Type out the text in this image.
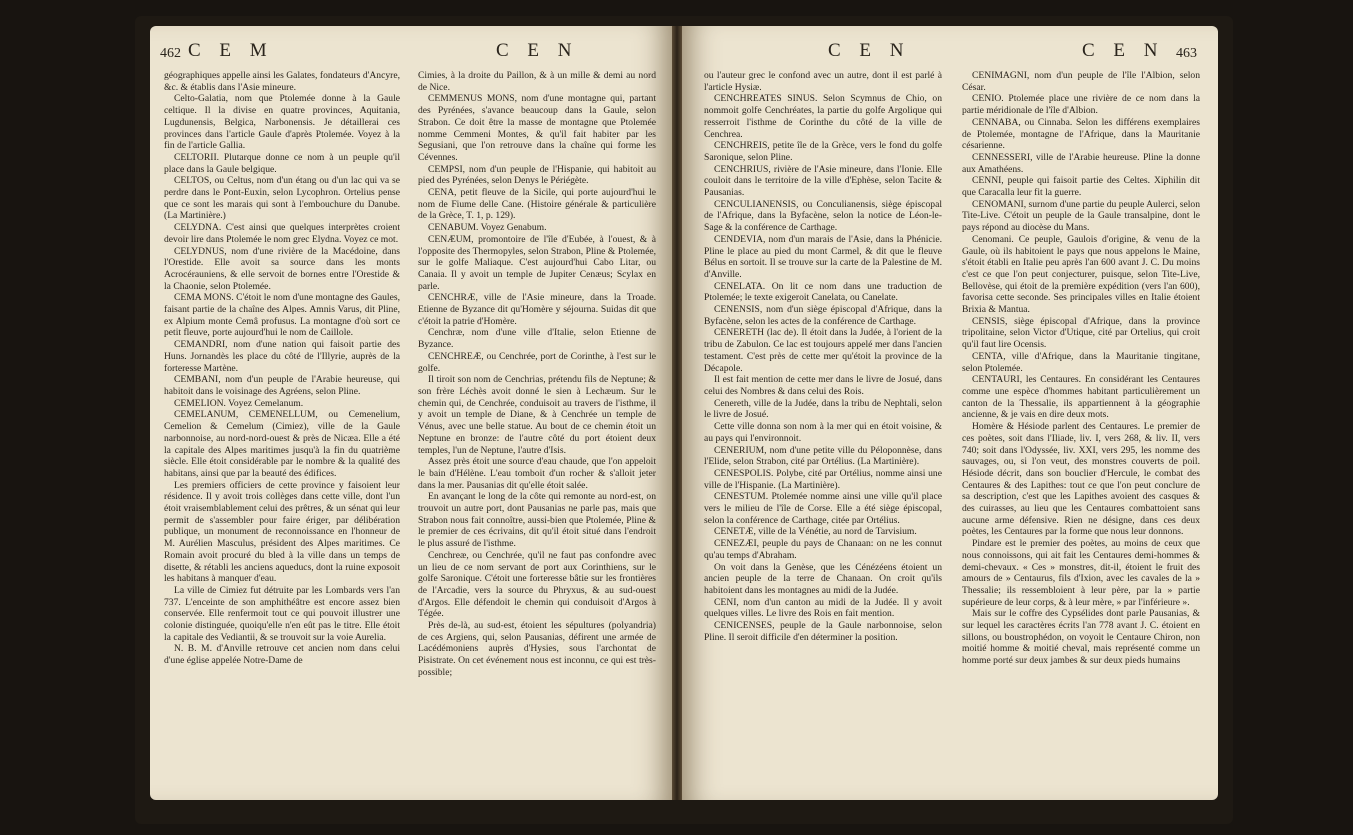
462 C E M	C E N

géographiques appelle ainsi les Galates, fondateurs d'Ancyre, &c. & établis dans l'Asie mineure.

Celto-Galatia, nom que Ptolemée donne à la Gaule celtique. Il la divise en quatre provinces, Aquitania, Lugdunensis, Belgica, Narbonensis. Je détaillerai ces provinces dans l'article Gaule d'après Ptolemée. Voyez à la fin de l'article Gallia.

CELTORII. Plutarque donne ce nom à un peuple qu'il place dans la Gaule belgique.

CELTOS, ou Celtus, nom d'un étang ou d'un lac qui va se perdre dans le Pont-Euxin, selon Lycophron. Ortelius pense que ce sont les marais qui sont à l'embouchure du Danube. (La Martinière.)

CELYDNA. C'est ainsi que quelques interprètes croient devoir lire dans Ptolemée le nom grec Elydna. Voyez ce mot.

CELYDNUS, nom d'une rivière de la Macédoine, dans l'Orestide. Elle avoit sa source dans les monts Acrocérauniens, & elle servoit de bornes entre l'Orestide & la Chaonie, selon Ptolemée.

CEMA MONS. C'étoit le nom d'une montagne des Gaules, faisant partie de la chaîne des Alpes. Amnis Varus, dit Pline, ex Alpium monte Cemâ profusus. La montagne d'où sort ce petit fleuve, porte aujourd'hui le nom de Caillole.

CEMANDRI, nom d'une nation qui faisoit partie des Huns. Jornandès les place du côté de l'Illyrie, auprès de la forteresse Martène.

CEMBANI, nom d'un peuple de l'Arabie heureuse, qui habitoit dans le voisinage des Agréens, selon Pline.

CEMELION. Voyez Cemelanum.

CEMELANUM, CEMENELLUM, ou Cemenelium, Cemelion & Cemelum (Cimiez), ville de la Gaule narbonnoise, au nord-nord-ouest & près de Nicæa. Elle a été la capitale des Alpes maritimes jusqu'à la fin du quatrième siècle. Elle étoit considérable par le nombre & la qualité des habitans, ainsi que par la beauté des édifices.

Les premiers officiers de cette province y faisoient leur résidence. Il y avoit trois collèges dans cette ville, dont l'un étoit vraisemblablement celui des prêtres, & un sénat qui leur permit de s'assembler pour faire ériger, par délibération publique, un monument de reconnoissance en l'honneur de M. Aurélien Masculus, président des Alpes maritimes. Ce Romain avoit procuré du bled à la ville dans un temps de disette, & rétabli les anciens aqueducs, dont la ruine exposoit les habitans à manquer d'eau.

La ville de Cimiez fut détruite par les Lombards vers l'an 737. L'enceinte de son amphithéâtre est encore assez bien conservée. Elle renfermoit tout ce qui pouvoit illustrer une colonie distinguée, quoiqu'elle n'en eût pas le titre. Elle étoit la capitale des Vediantii, & se trouvoit sur la voie Aurelia.

N. B. M. d'Anville retrouve cet ancien nom dans celui d'une église appelée Notre-Dame de

Cimies, à la droite du Paillon, & à un mille & demi au nord de Nice.

CEMMENUS MONS, nom d'une montagne qui, partant des Pyrénées, s'avance beaucoup dans la Gaule, selon Strabon. Ce doit être la masse de montagne que Ptolemée nomme Cemmeni Montes, & qu'il fait habiter par les Segusiani, que l'on retrouve dans la chaîne qui forme les Cévennes.

CEMPSI, nom d'un peuple de l'Hispanie, qui habitoit au pied des Pyrénées, selon Denys le Périégète.

CENA, petit fleuve de la Sicile, qui porte aujourd'hui le nom de Fiume delle Cane. (Histoire générale & particulière de la Grèce, T. 1, p. 129).

CENABUM. Voyez Genabum.

CENÆUM, promontoire de l'île d'Eubée, à l'ouest, & à l'opposite des Thermopyles, selon Strabon, Pline & Ptolemée, sur le golfe Maliaque. C'est aujourd'hui Cabo Litar, ou Canaia. Il y avoit un temple de Jupiter Cenæus; Scylax en parle.

CENCHRÆ, ville de l'Asie mineure, dans la Troade. Etienne de Byzance dit qu'Homère y séjourna. Suidas dit que c'étoit la patrie d'Homère.

Cenchræ, nom d'une ville d'Italie, selon Etienne de Byzance.

CENCHREÆ, ou Cenchrée, port de Corinthe, à l'est sur le golfe.

Il tiroit son nom de Cenchrias, prétendu fils de Neptune; & son frère Léchès avoit donné le sien à Lechæum. Sur le chemin qui, de Cenchrée, conduisoit au travers de l'isthme, il y avoit un temple de Diane, & à Cenchrée un temple de Vénus, avec une belle statue. Au bout de ce chemin étoit un Neptune en bronze: de l'autre côté du port étoient deux temples, l'un de Neptune, l'autre d'Isis.

Assez près étoit une source d'eau chaude, que l'on appeloit le bain d'Hélène. L'eau tomboit d'un rocher & s'alloit jeter dans la mer. Pausanias dit qu'elle étoit salée.

En avançant le long de la côte qui remonte au nord-est, on trouvoit un autre port, dont Pausanias ne parle pas, mais que Strabon nous fait connoître, aussi-bien que Ptolemée, Pline & le premier de ces écrivains, dit qu'il étoit situé dans l'endroit le plus assuré de l'isthme.

Cenchreæ, ou Cenchrée, qu'il ne faut pas confondre avec un lieu de ce nom servant de port aux Corinthiens, sur le golfe Saronique. C'étoit une forteresse bâtie sur les frontières de l'Arcadie, vers la source du Phryxus, & au sud-ouest d'Argos. Elle défendoit le chemin qui conduisoit d'Argos à Tégée.

Près de-là, au sud-est, étoient les sépultures (polyandria) de ces Argiens, qui, selon Pausanias, défirent une armée de Lacédémoniens auprès d'Hysies, sous l'archontat de Pisistrate. On cet événement nous est inconnu, ce qui est très-possible;

C E N	C E N 463

ou l'auteur grec le confond avec un autre, dont il est parlé à l'article Hysiæ.

CENCHREATES SINUS. Selon Scymnus de Chio, on nommoit golfe Cenchréates, la partie du golfe Argolique qui resserroit l'isthme de Corinthe du côté de la ville de Cenchrea.

CENCHREIS, petite île de la Grèce, vers le fond du golfe Saronique, selon Pline.

CENCHRIUS, rivière de l'Asie mineure, dans l'Ionie. Elle couloit dans le territoire de la ville d'Ephèse, selon Tacite & Pausanias.

CENCULIANENSIS, ou Conculianensis, siège épiscopal de l'Afrique, dans la Byfacène, selon la notice de Léon-le-Sage & la conférence de Carthage.

CENDEVIA, nom d'un marais de l'Asie, dans la Phénicie. Pline le place au pied du mont Carmel, & dit que le fleuve Bélus en sortoit. Il se trouve sur la carte de la Palestine de M. d'Anville.

CENELATA. On lit ce nom dans une traduction de Ptolemée; le texte exigeroit Canelata, ou Canelate.

CENENSIS, nom d'un siège épiscopal d'Afrique, dans la Byfacène, selon les actes de la conférence de Carthage.

CENERETH (lac de). Il étoit dans la Judée, à l'orient de la tribu de Zabulon. Ce lac est toujours appelé mer dans l'ancien testament. C'est près de cette mer qu'étoit la province de la Décapole.

Il est fait mention de cette mer dans le livre de Josué, dans celui des Nombres & dans celui des Rois.

Cenereth, ville de la Judée, dans la tribu de Nephtali, selon le livre de Josué.

Cette ville donna son nom à la mer qui en étoit voisine, & au pays qui l'environnoit.

CENERIUM, nom d'une petite ville du Péloponnèse, dans l'Elide, selon Strabon, cité par Ortélius. (La Martinière).

CENESPOLIS. Polybe, cité par Ortélius, nomme ainsi une ville de l'Hispanie. (La Martinière).

CENESTUM. Ptolemée nomme ainsi une ville qu'il place vers le milieu de l'île de Corse. Elle a été siège épiscopal, selon la conférence de Carthage, citée par Ortélius.

CENETÆ, ville de la Vénétie, au nord de Tarvisium.

CENEZÆI, peuple du pays de Chanaan: on ne les connut qu'au temps d'Abraham.

On voit dans la Genèse, que les Cénézéens étoient un ancien peuple de la terre de Chanaan. On croit qu'ils habitoient dans les montagnes au midi de la Judée.

CENI, nom d'un canton au midi de la Judée. Il y avoit quelques villes. Le livre des Rois en fait mention.

CENICENSES, peuple de la Gaule narbonnoise, selon Pline. Il seroit difficile d'en déterminer la position.

CENIMAGNI, nom d'un peuple de l'île l'Albion, selon César.

CENIO. Ptolemée place une rivière de ce nom dans la partie méridionale de l'île d'Albion.

CENNABA, ou Cinnaba. Selon les différens exemplaires de Ptolemée, montagne de l'Afrique, dans la Mauritanie césarienne.

CENNESSERI, ville de l'Arabie heureuse. Pline la donne aux Amathéens.

CENNI, peuple qui faisoit partie des Celtes. Xiphilin dit que Caracalla leur fit la guerre.

CENOMANI, surnom d'une partie du peuple Aulerci, selon Tite-Live. C'étoit un peuple de la Gaule transalpine, dont le pays répond au diocèse du Mans.

Cenomani. Ce peuple, Gaulois d'origine, & venu de la Gaule, où ils habitoient le pays que nous appelons le Maine, s'étoit établi en Italie peu après l'an 600 avant J. C. Du moins c'est ce que l'on peut conjecturer, puisque, selon Tite-Live, Bellovèse, qui étoit de la première expédition (vers l'an 600), favorisa cette seconde. Ses principales villes en Italie étoient Brixia & Mantua.

CENSIS, siège épiscopal d'Afrique, dans la province tripolitaine, selon Victor d'Utique, cité par Ortelius, qui croit qu'il faut lire Ocensis.

CENTA, ville d'Afrique, dans la Mauritanie tingitane, selon Ptolemée.

CENTAURI, les Centaures. En considérant les Centaures comme une espèce d'hommes habitant particulièrement un canton de la Thessalie, ils appartiennent à la géographie ancienne, & je vais en dire deux mots.

Homère & Hésiode parlent des Centaures. Le premier de ces poètes, soit dans l'Iliade, liv. I, vers 268, & liv. II, vers 740; soit dans l'Odyssée, liv. XXI, vers 295, les nomme des sauvages, ou, si l'on veut, des monstres couverts de poil. Hésiode décrit, dans son bouclier d'Hercule, le combat des Centaures & des Lapithes: tout ce que l'on peut conclure de sa description, c'est que les Lapithes avoient des casques & des cuirasses, au lieu que les Centaures combattoient sans aucune arme défensive. Rien ne désigne, dans ces deux poètes, les Centaures par la forme que nous leur donnons.

Pindare est le premier des poètes, au moins de ceux que nous connoissons, qui ait fait les Centaures demi-hommes & demi-chevaux. « Ces » monstres, dit-il, étoient le fruit des amours de » Centaurus, fils d'Ixion, avec les cavales de la » Thessalie; ils ressembloient à leur père, par la » partie supérieure de leur corps, & à leur mère, » par l'inférieure ».

Mais sur le coffre des Cypsélides dont parle Pausanias, & sur lequel les caractères écrits l'an 778 avant J. C. étoient en sillons, ou boustrophédon, on voyoit le Centaure Chiron, non moitié homme & moitié cheval, mais représenté comme un homme porté sur deux jambes & sur deux pieds humains
